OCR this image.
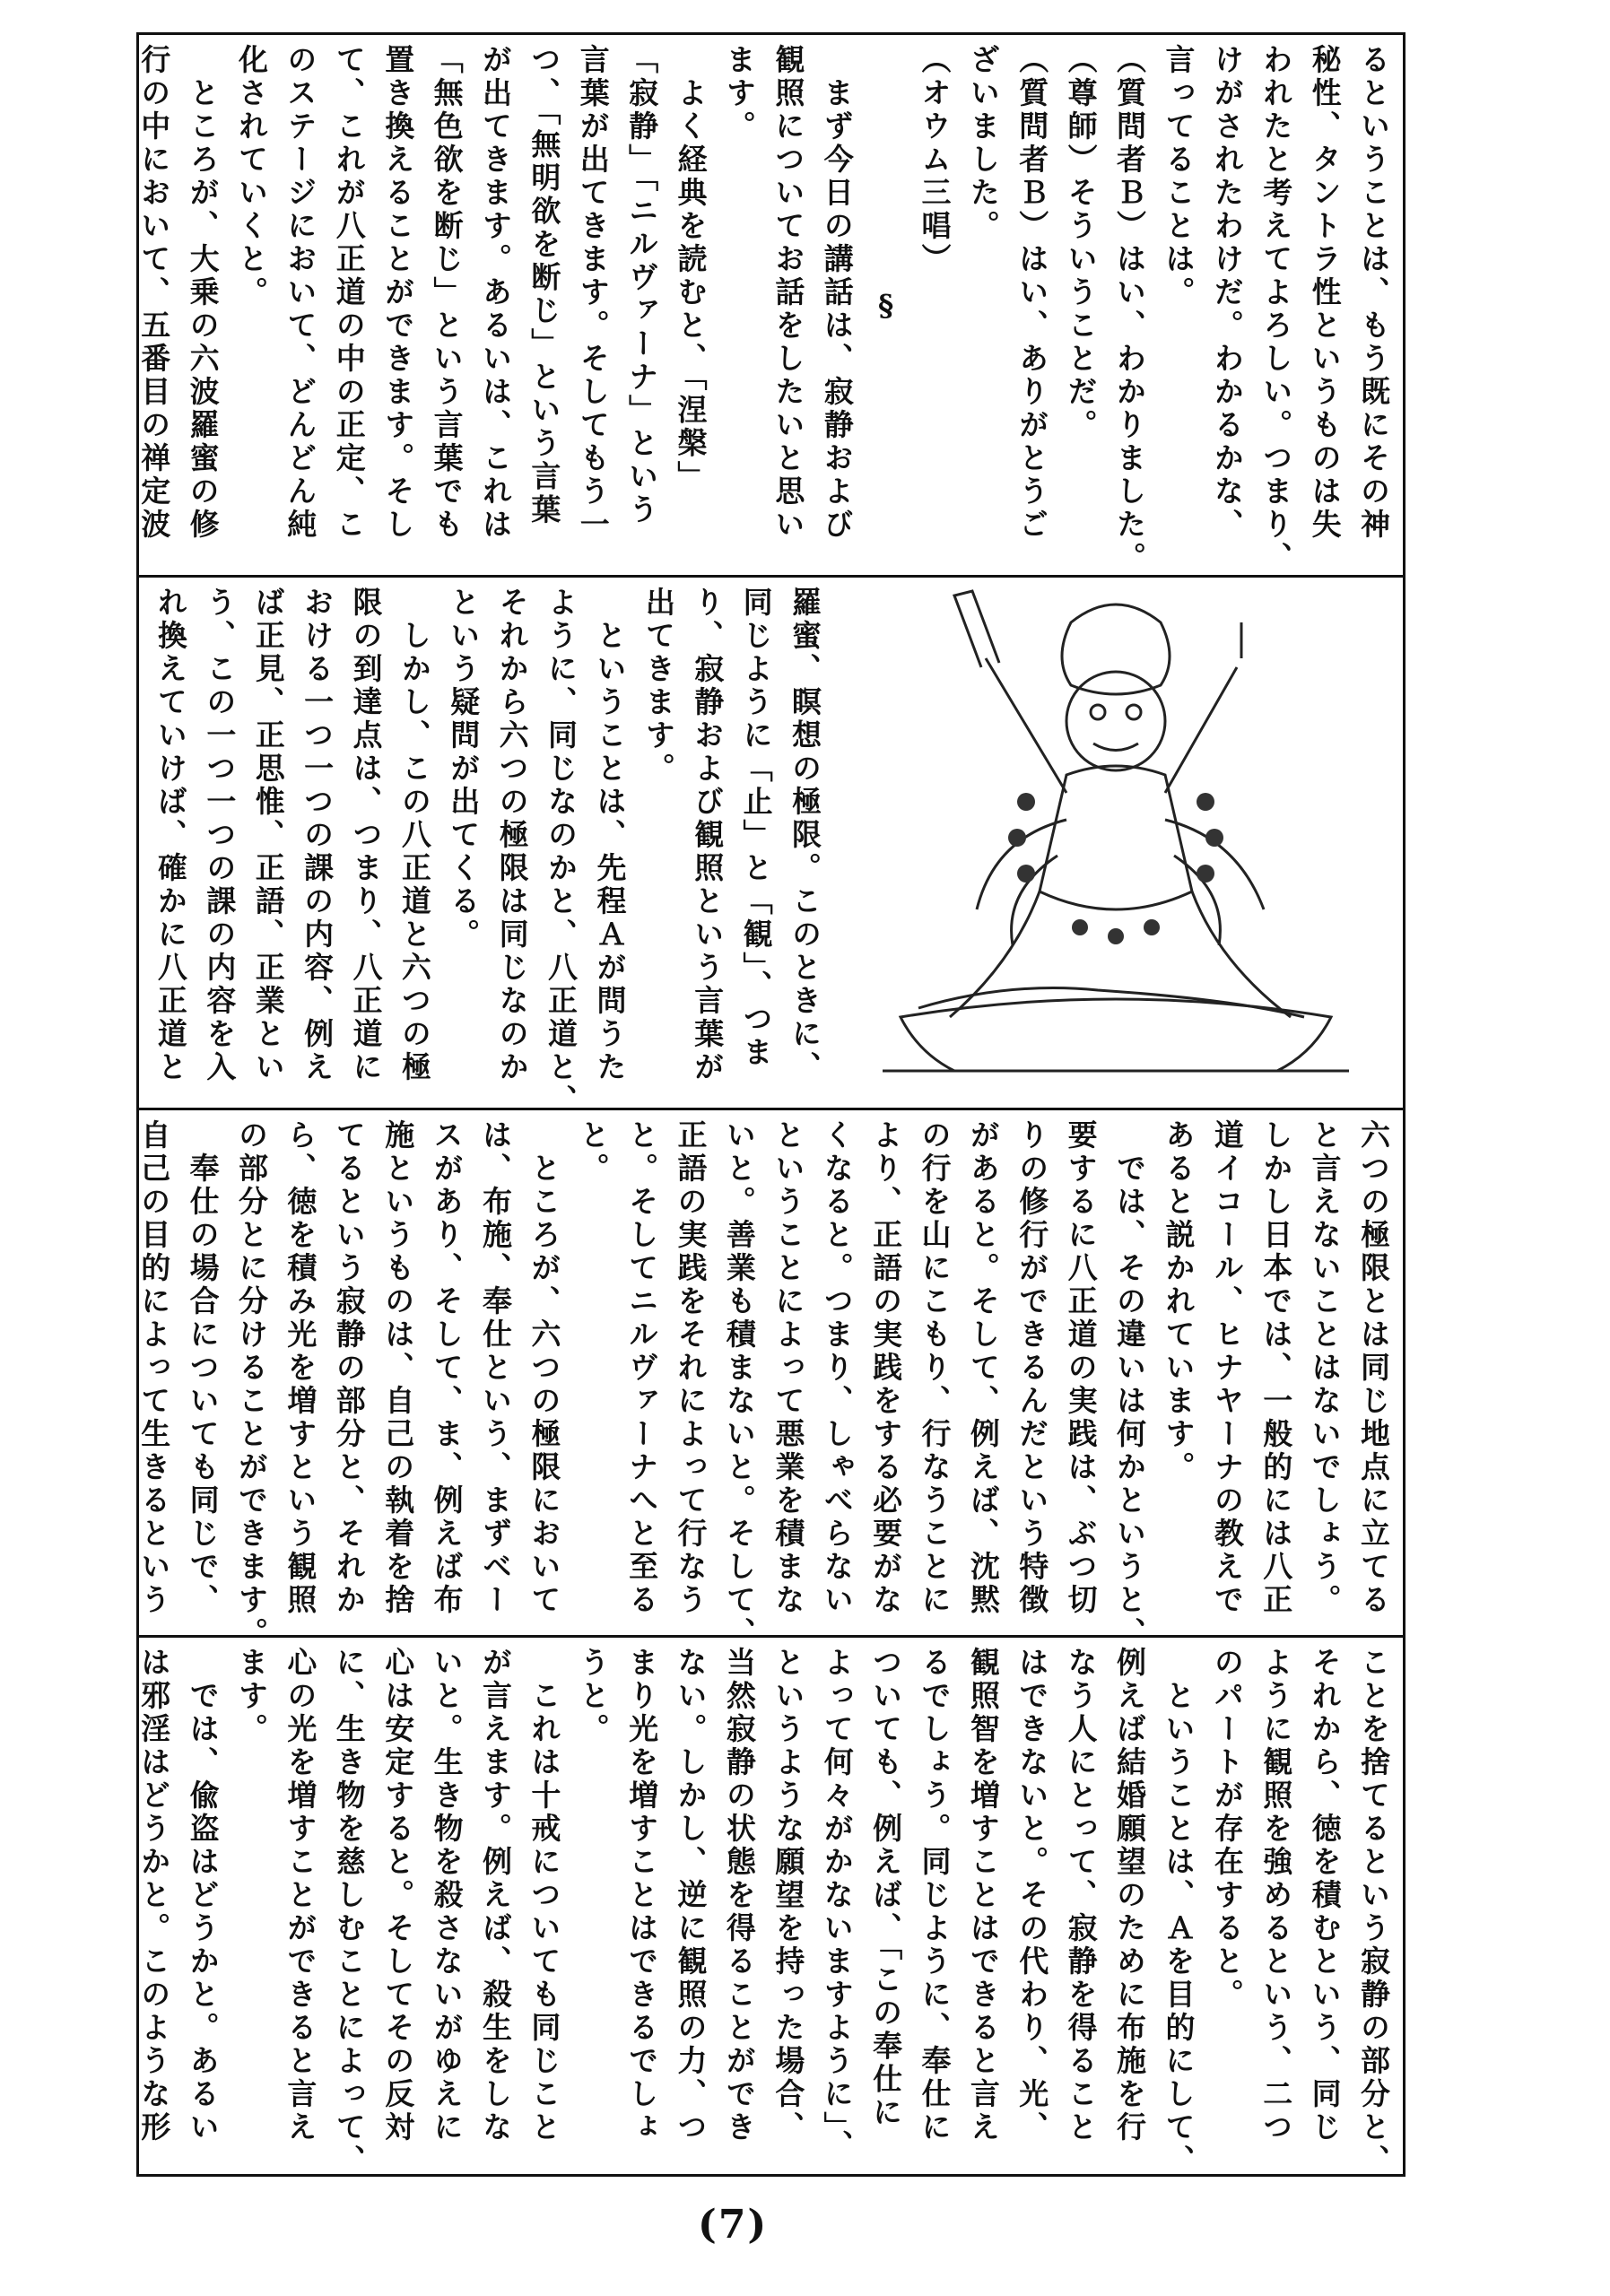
るということは、もう既にその神
秘性、タントラ性というものは失
われたと考えてよろしい。つまり、
けがされたわけだ。わかるかな、
言ってることは。
（質問者Ｂ）はい、わかりました。
（尊師）そういうことだ。
（質問者Ｂ）はい、ありがとうご
ざいました。
（オウム三唱）
§
　まず今日の講話は、寂静および
観照についてお話をしたいと思い
ます。
　よく経典を読むと、「涅槃」
「寂静」「ニルヴァーナ」という
言葉が出てきます。そしてもう一
つ、「無明欲を断じ」という言葉
が出てきます。あるいは、これは
「無色欲を断じ」という言葉でも
置き換えることができます。そし
て、これが八正道の中の正定、こ
のステージにおいて、どんどん純
化されていくと。
　ところが、大乗の六波羅蜜の修
行の中において、五番目の禅定波
羅蜜、瞑想の極限。このときに、
同じように「止」と「観」、つま
り、寂静および観照という言葉が
出てきます。
　ということは、先程Ａが問うた
ように、同じなのかと、八正道と、
それから六つの極限は同じなのか
という疑問が出てくる。
　しかし、この八正道と六つの極
限の到達点は、つまり、八正道に
おける一つ一つの課の内容、例え
ば正見、正思惟、正語、正業とい
う、この一つ一つの課の内容を入
れ換えていけば、確かに八正道と
六つの極限とは同じ地点に立てる
と言えないことはないでしょう。
しかし日本では、一般的には八正
道イコール、ヒナヤーナの教えで
あると説かれています。
　では、その違いは何かというと、
要するに八正道の実践は、ぶつ切
りの修行ができるんだという特徴
があると。そして、例えば、沈黙
の行を山にこもり、行なうことに
より、正語の実践をする必要がな
くなると。つまり、しゃべらない
ということによって悪業を積まな
いと。善業も積まないと。そして、
正語の実践をそれによって行なう
と。そしてニルヴァーナへと至る
と。
　ところが、六つの極限において
は、布施、奉仕という、まずベー
スがあり、そして、ま、例えば布
施というものは、自己の執着を捨
てるという寂静の部分と、それか
ら、徳を積み光を増すという観照
の部分とに分けることができます。
　奉仕の場合についても同じで、
自己の目的によって生きるという
ことを捨てるという寂静の部分と、
それから、徳を積むという、同じ
ように観照を強めるという、二つ
のパートが存在すると。
　ということは、Ａを目的にして、
例えば結婚願望のために布施を行
なう人にとって、寂静を得ること
はできないと。その代わり、光、
観照智を増すことはできると言え
るでしょう。同じように、奉仕に
ついても、例えば、「この奉仕に
よって何々がかないますように」、
というような願望を持った場合、
当然寂静の状態を得ることができ
ない。しかし、逆に観照の力、つ
まり光を増すことはできるでしょ
うと。
　これは十戒についても同じこと
が言えます。例えば、殺生をしな
いと。生き物を殺さないがゆえに
心は安定すると。そしてその反対
に、生き物を慈しむことによって、
心の光を増すことができると言え
ます。
　では、偸盗はどうかと。あるい
は邪淫はどうかと。このような形
(7)
